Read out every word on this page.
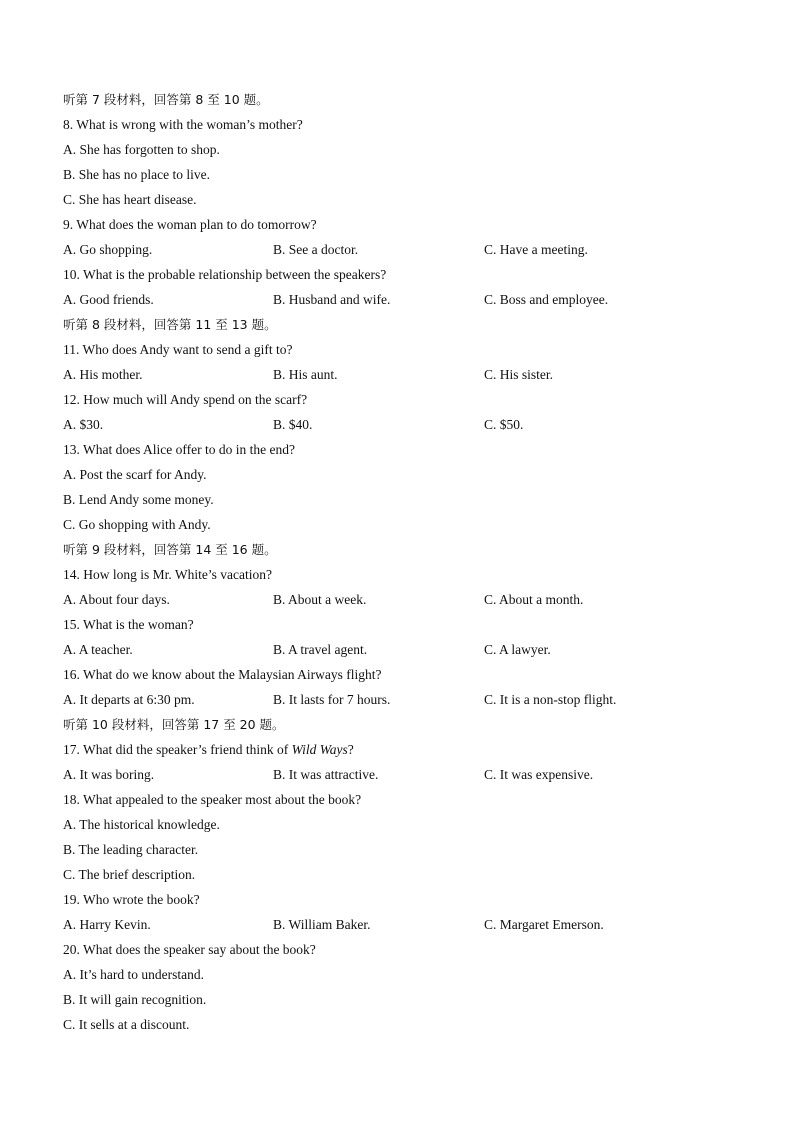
听第 7 段材料，回答第 8 至 10 题。
8. What is wrong with the woman’s mother?
A. She has forgotten to shop.
B. She has no place to live.
C. She has heart disease.
9. What does the woman plan to do tomorrow?
A. Go shopping.	B. See a doctor.	C. Have a meeting.
10. What is the probable relationship between the speakers?
A. Good friends.	B. Husband and wife.	C. Boss and employee.
听第 8 段材料，回答第 11 至 13 题。
11. Who does Andy want to send a gift to?
A. His mother.	B. His aunt.	C. His sister.
12. How much will Andy spend on the scarf?
A. $30.	B. $40.	C. $50.
13. What does Alice offer to do in the end?
A. Post the scarf for Andy.
B. Lend Andy some money.
C. Go shopping with Andy.
听第 9 段材料，回答第 14 至 16 题。
14. How long is Mr. White’s vacation?
A. About four days.	B. About a week.	C. About a month.
15. What is the woman?
A. A teacher.	B. A travel agent.	C. A lawyer.
16. What do we know about the Malaysian Airways flight?
A. It departs at 6:30 pm.	B. It lasts for 7 hours.	C. It is a non-stop flight.
听第 10 段材料，回答第 17 至 20 题。
17. What did the speaker’s friend think of Wild Ways?
A. It was boring.	B. It was attractive.	C. It was expensive.
18. What appealed to the speaker most about the book?
A. The historical knowledge.
B. The leading character.
C. The brief description.
19. Who wrote the book?
A. Harry Kevin.	B. William Baker.	C. Margaret Emerson.
20. What does the speaker say about the book?
A. It’s hard to understand.
B. It will gain recognition.
C. It sells at a discount.
